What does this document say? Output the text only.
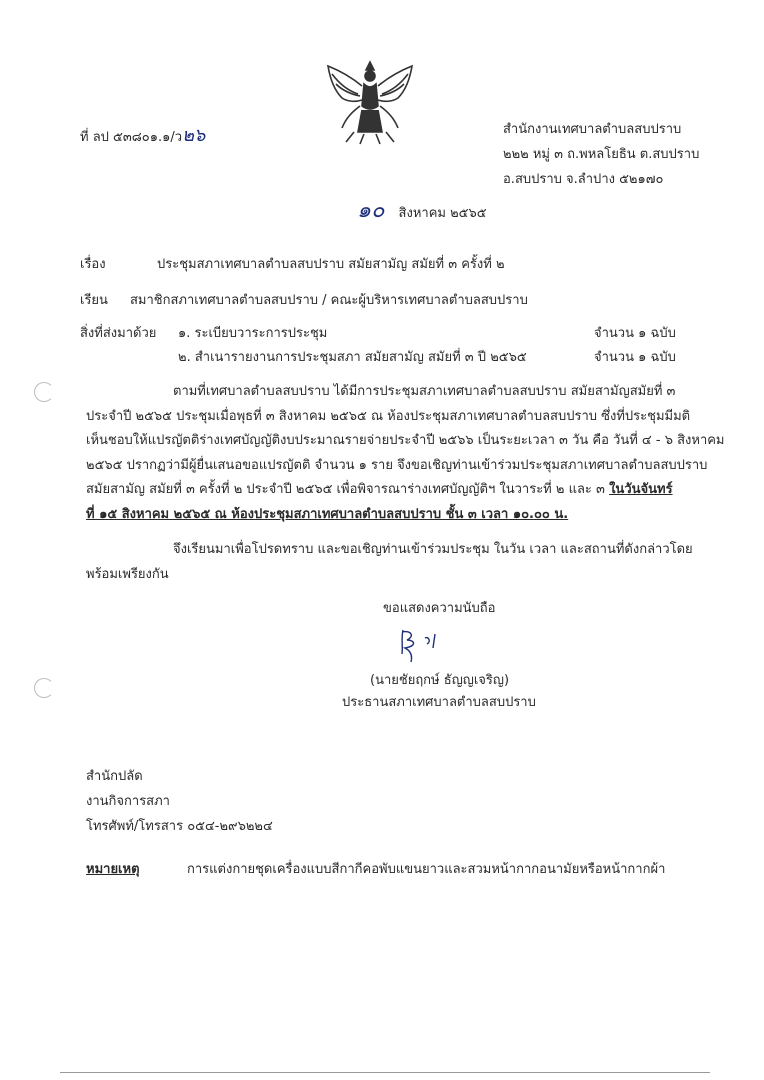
ที่ ลป ๕๓๘๐๑.๑/ว๒๖	สำนักงานเทศบาลตำบลสบปราบ
๒๒๒ หมู่ ๓ ถ.พหลโยธิน ต.สบปราบ
อ.สบปราบ จ.ลำปาง ๕๒๑๗๐
๑๐ สิงหาคม ๒๕๖๕
เรื่อง	ประชุมสภาเทศบาลตำบลสบปราบ สมัยสามัญ สมัยที่ ๓ ครั้งที่ ๒
เรียน สมาชิกสภาเทศบาลตำบลสบปราบ / คณะผู้บริหารเทศบาลตำบลสบปราบ
สิ่งที่ส่งมาด้วย ๑. ระเบียบวาระการประชุม	จำนวน ๑ ฉบับ
๒. สำเนารายงานการประชุมสภา สมัยสามัญ สมัยที่ ๓ ปี ๒๕๖๕	จำนวน ๑ ฉบับ
ตามที่เทศบาลตำบลสบปราบ ได้มีการประชุมสภาเทศบาลตำบลสบปราบ สมัยสามัญสมัยที่ ๓
ประจำปี ๒๕๖๕ ประชุมเมื่อพุธที่ ๓ สิงหาคม ๒๕๖๕ ณ ห้องประชุมสภาเทศบาลตำบลสบปราบ ซึ่งที่ประชุมมีมติ
เห็นชอบให้แปรญัตติร่างเทศบัญญัติงบประมาณรายจ่ายประจำปี ๒๕๖๖ เป็นระยะเวลา ๓ วัน คือ วันที่ ๔ - ๖ สิงหาคม
๒๕๖๕ ปรากฏว่ามีผู้ยื่นเสนอขอแปรญัตติ จำนวน ๑ ราย จึงขอเชิญท่านเข้าร่วมประชุมสภาเทศบาลตำบลสบปราบ
สมัยสามัญ สมัยที่ ๓ ครั้งที่ ๒ ประจำปี ๒๕๖๕ เพื่อพิจารณาร่างเทศบัญญัติฯ ในวาระที่ ๒ และ ๓ ในวันจันทร์
ที่ ๑๕ สิงหาคม ๒๕๖๕ ณ ห้องประชุมสภาเทศบาลตำบลสบปราบ ชั้น ๓ เวลา ๑๐.๐๐ น.
จึงเรียนมาเพื่อโปรดทราบ และขอเชิญท่านเข้าร่วมประชุม ในวัน เวลา และสถานที่ดังกล่าวโดย
พร้อมเพรียงกัน
ขอแสดงความนับถือ
(นายชัยฤกษ์ ธัญญเจริญ)
ประธานสภาเทศบาลตำบลสบปราบ
สำนักปลัด
งานกิจการสภา
โทรศัพท์/โทรสาร ๐๕๔-๒๙๖๒๒๔
หมายเหตุ	การแต่งกายชุดเครื่องแบบสีกากีคอพับแขนยาวและสวมหน้ากากอนามัยหรือหน้ากากผ้า
